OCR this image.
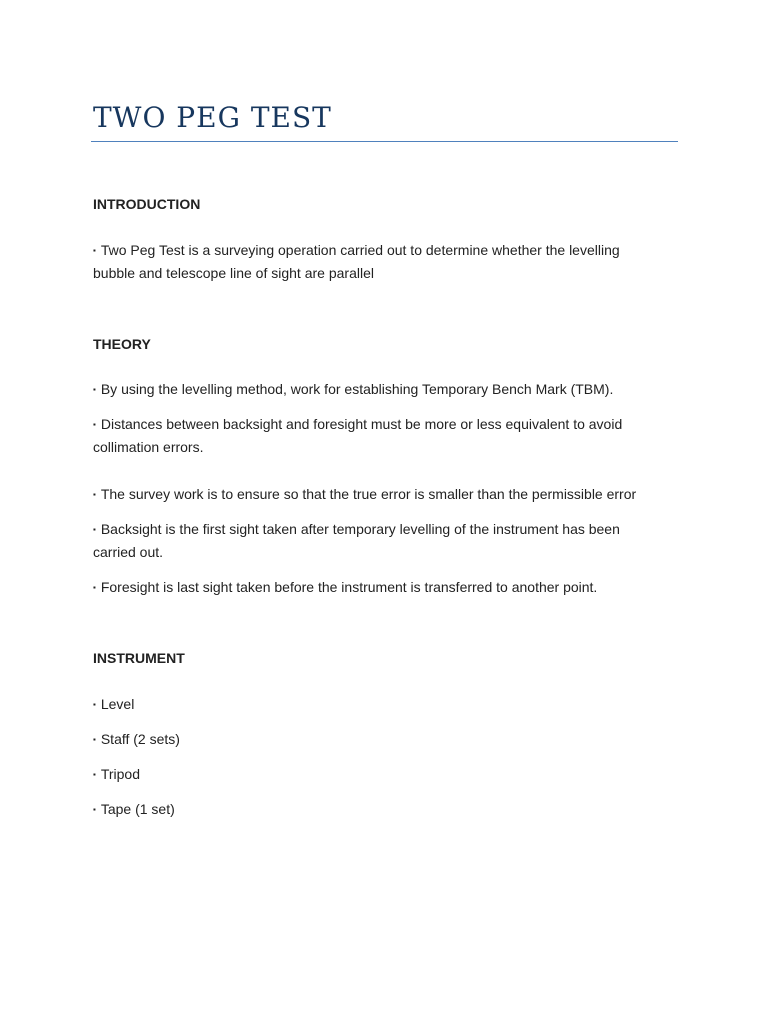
TWO PEG TEST
INTRODUCTION

▪ Two Peg Test is a surveying operation carried out to determine whether the levelling bubble and telescope line of sight are parallel

THEORY

▪ By using the levelling method, work for establishing Temporary Bench Mark (TBM).

▪ Distances between backsight and foresight must be more or less equivalent to avoid collimation errors.

▪ The survey work is to ensure so that the true error is smaller than the permissible error

▪ Backsight is the first sight taken after temporary levelling of the instrument has been carried out.

▪ Foresight is last sight taken before the instrument is transferred to another point.

INSTRUMENT

▪ Level

▪ Staff (2 sets)

▪ Tripod

▪ Tape (1 set)
